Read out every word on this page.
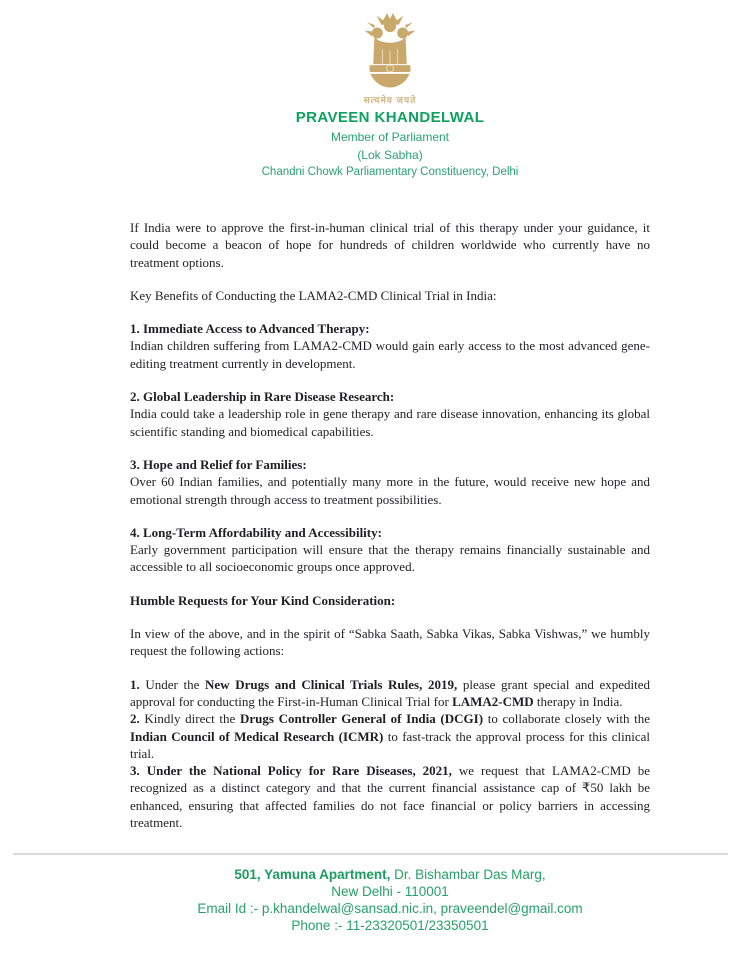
सत्यमेव जयते
PRAVEEN KHANDELWAL
Member of Parliament
(Lok Sabha)
Chandni Chowk Parliamentary Constituency, Delhi

If India were to approve the first-in-human clinical trial of this therapy under your guidance, it could become a beacon of hope for hundreds of children worldwide who currently have no treatment options.

Key Benefits of Conducting the LAMA2-CMD Clinical Trial in India:

1. Immediate Access to Advanced Therapy:

Indian children suffering from LAMA2-CMD would gain early access to the most advanced gene-editing treatment currently in development.

2. Global Leadership in Rare Disease Research:

India could take a leadership role in gene therapy and rare disease innovation, enhancing its global scientific standing and biomedical capabilities.

3. Hope and Relief for Families:

Over 60 Indian families, and potentially many more in the future, would receive new hope and emotional strength through access to treatment possibilities.

4. Long-Term Affordability and Accessibility:

Early government participation will ensure that the therapy remains financially sustainable and accessible to all socioeconomic groups once approved.

Humble Requests for Your Kind Consideration:

In view of the above, and in the spirit of “Sabka Saath, Sabka Vikas, Sabka Vishwas,” we humbly request the following actions:

1. Under the New Drugs and Clinical Trials Rules, 2019, please grant special and expedited approval for conducting the First-in-Human Clinical Trial for LAMA2-CMD therapy in India.

2. Kindly direct the Drugs Controller General of India (DCGI) to collaborate closely with the Indian Council of Medical Research (ICMR) to fast-track the approval process for this clinical trial.

3. Under the National Policy for Rare Diseases, 2021, we request that LAMA2-CMD be recognized as a distinct category and that the current financial assistance cap of ₹50 lakh be enhanced, ensuring that affected families do not face financial or policy barriers in accessing treatment.

501, Yamuna Apartment, Dr. Bishambar Das Marg,
New Delhi - 110001
Email Id :- p.khandelwal@sansad.nic.in, praveendel@gmail.com
Phone :- 11-23320501/23350501
